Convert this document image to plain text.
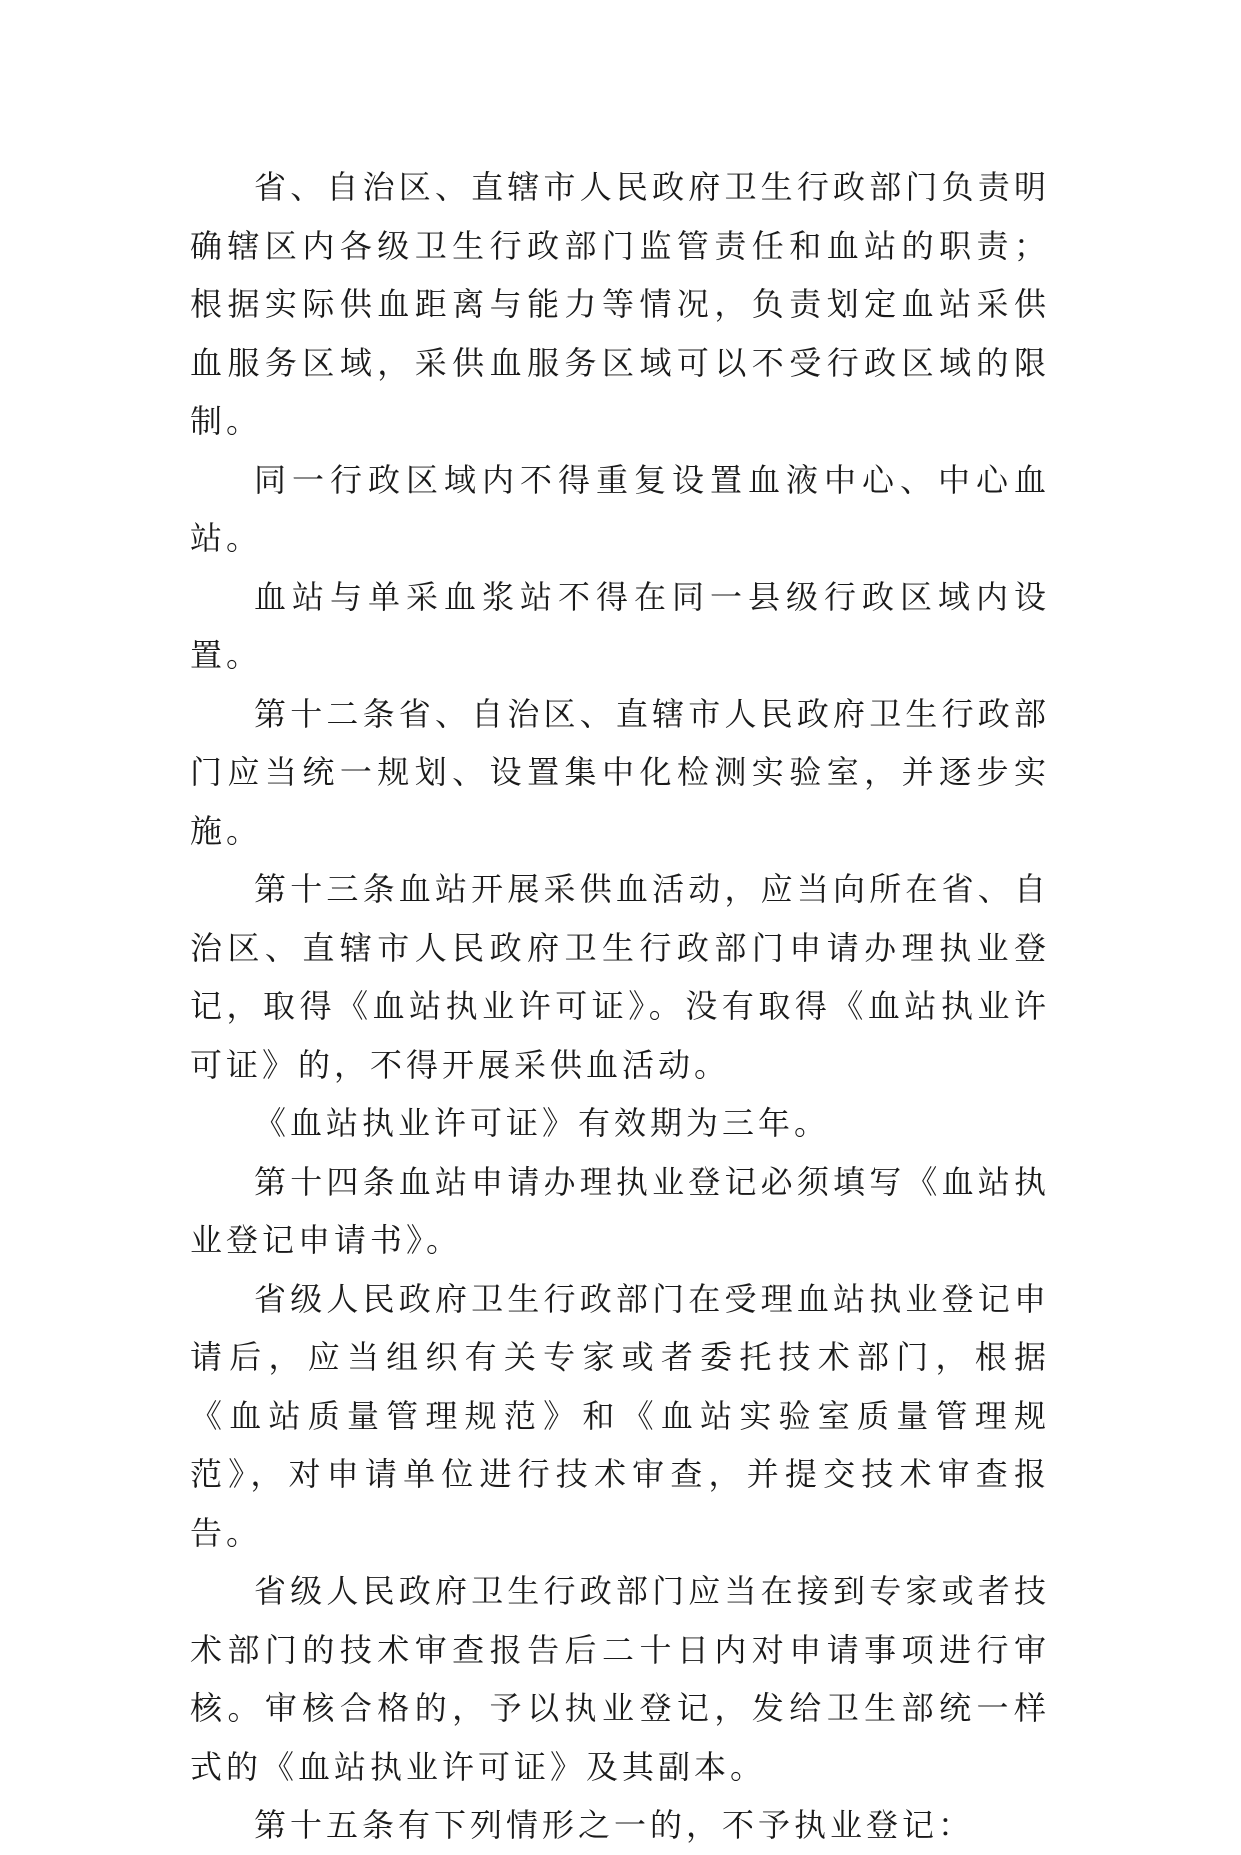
省、自治区、直辖市人民政府卫生行政部门负责明确辖区内各级卫生行政部门监管责任和血站的职责；根据实际供血距离与能力等情况，负责划定血站采供血服务区域，采供血服务区域可以不受行政区域的限制。

同一行政区域内不得重复设置血液中心、中心血站。

血站与单采血浆站不得在同一县级行政区域内设置。

第十二条省、自治区、直辖市人民政府卫生行政部门应当统一规划、设置集中化检测实验室，并逐步实施。

第十三条血站开展采供血活动，应当向所在省、自治区、直辖市人民政府卫生行政部门申请办理执业登记，取得《血站执业许可证》。没有取得《血站执业许可证》的，不得开展采供血活动。

《血站执业许可证》有效期为三年。

第十四条血站申请办理执业登记必须填写《血站执业登记申请书》。

省级人民政府卫生行政部门在受理血站执业登记申请后，应当组织有关专家或者委托技术部门，根据《血站质量管理规范》和《血站实验室质量管理规范》，对申请单位进行技术审查，并提交技术审查报告。

省级人民政府卫生行政部门应当在接到专家或者技术部门的技术审查报告后二十日内对申请事项进行审核。审核合格的，予以执业登记，发给卫生部统一样式的《血站执业许可证》及其副本。

第十五条有下列情形之一的，不予执业登记：
